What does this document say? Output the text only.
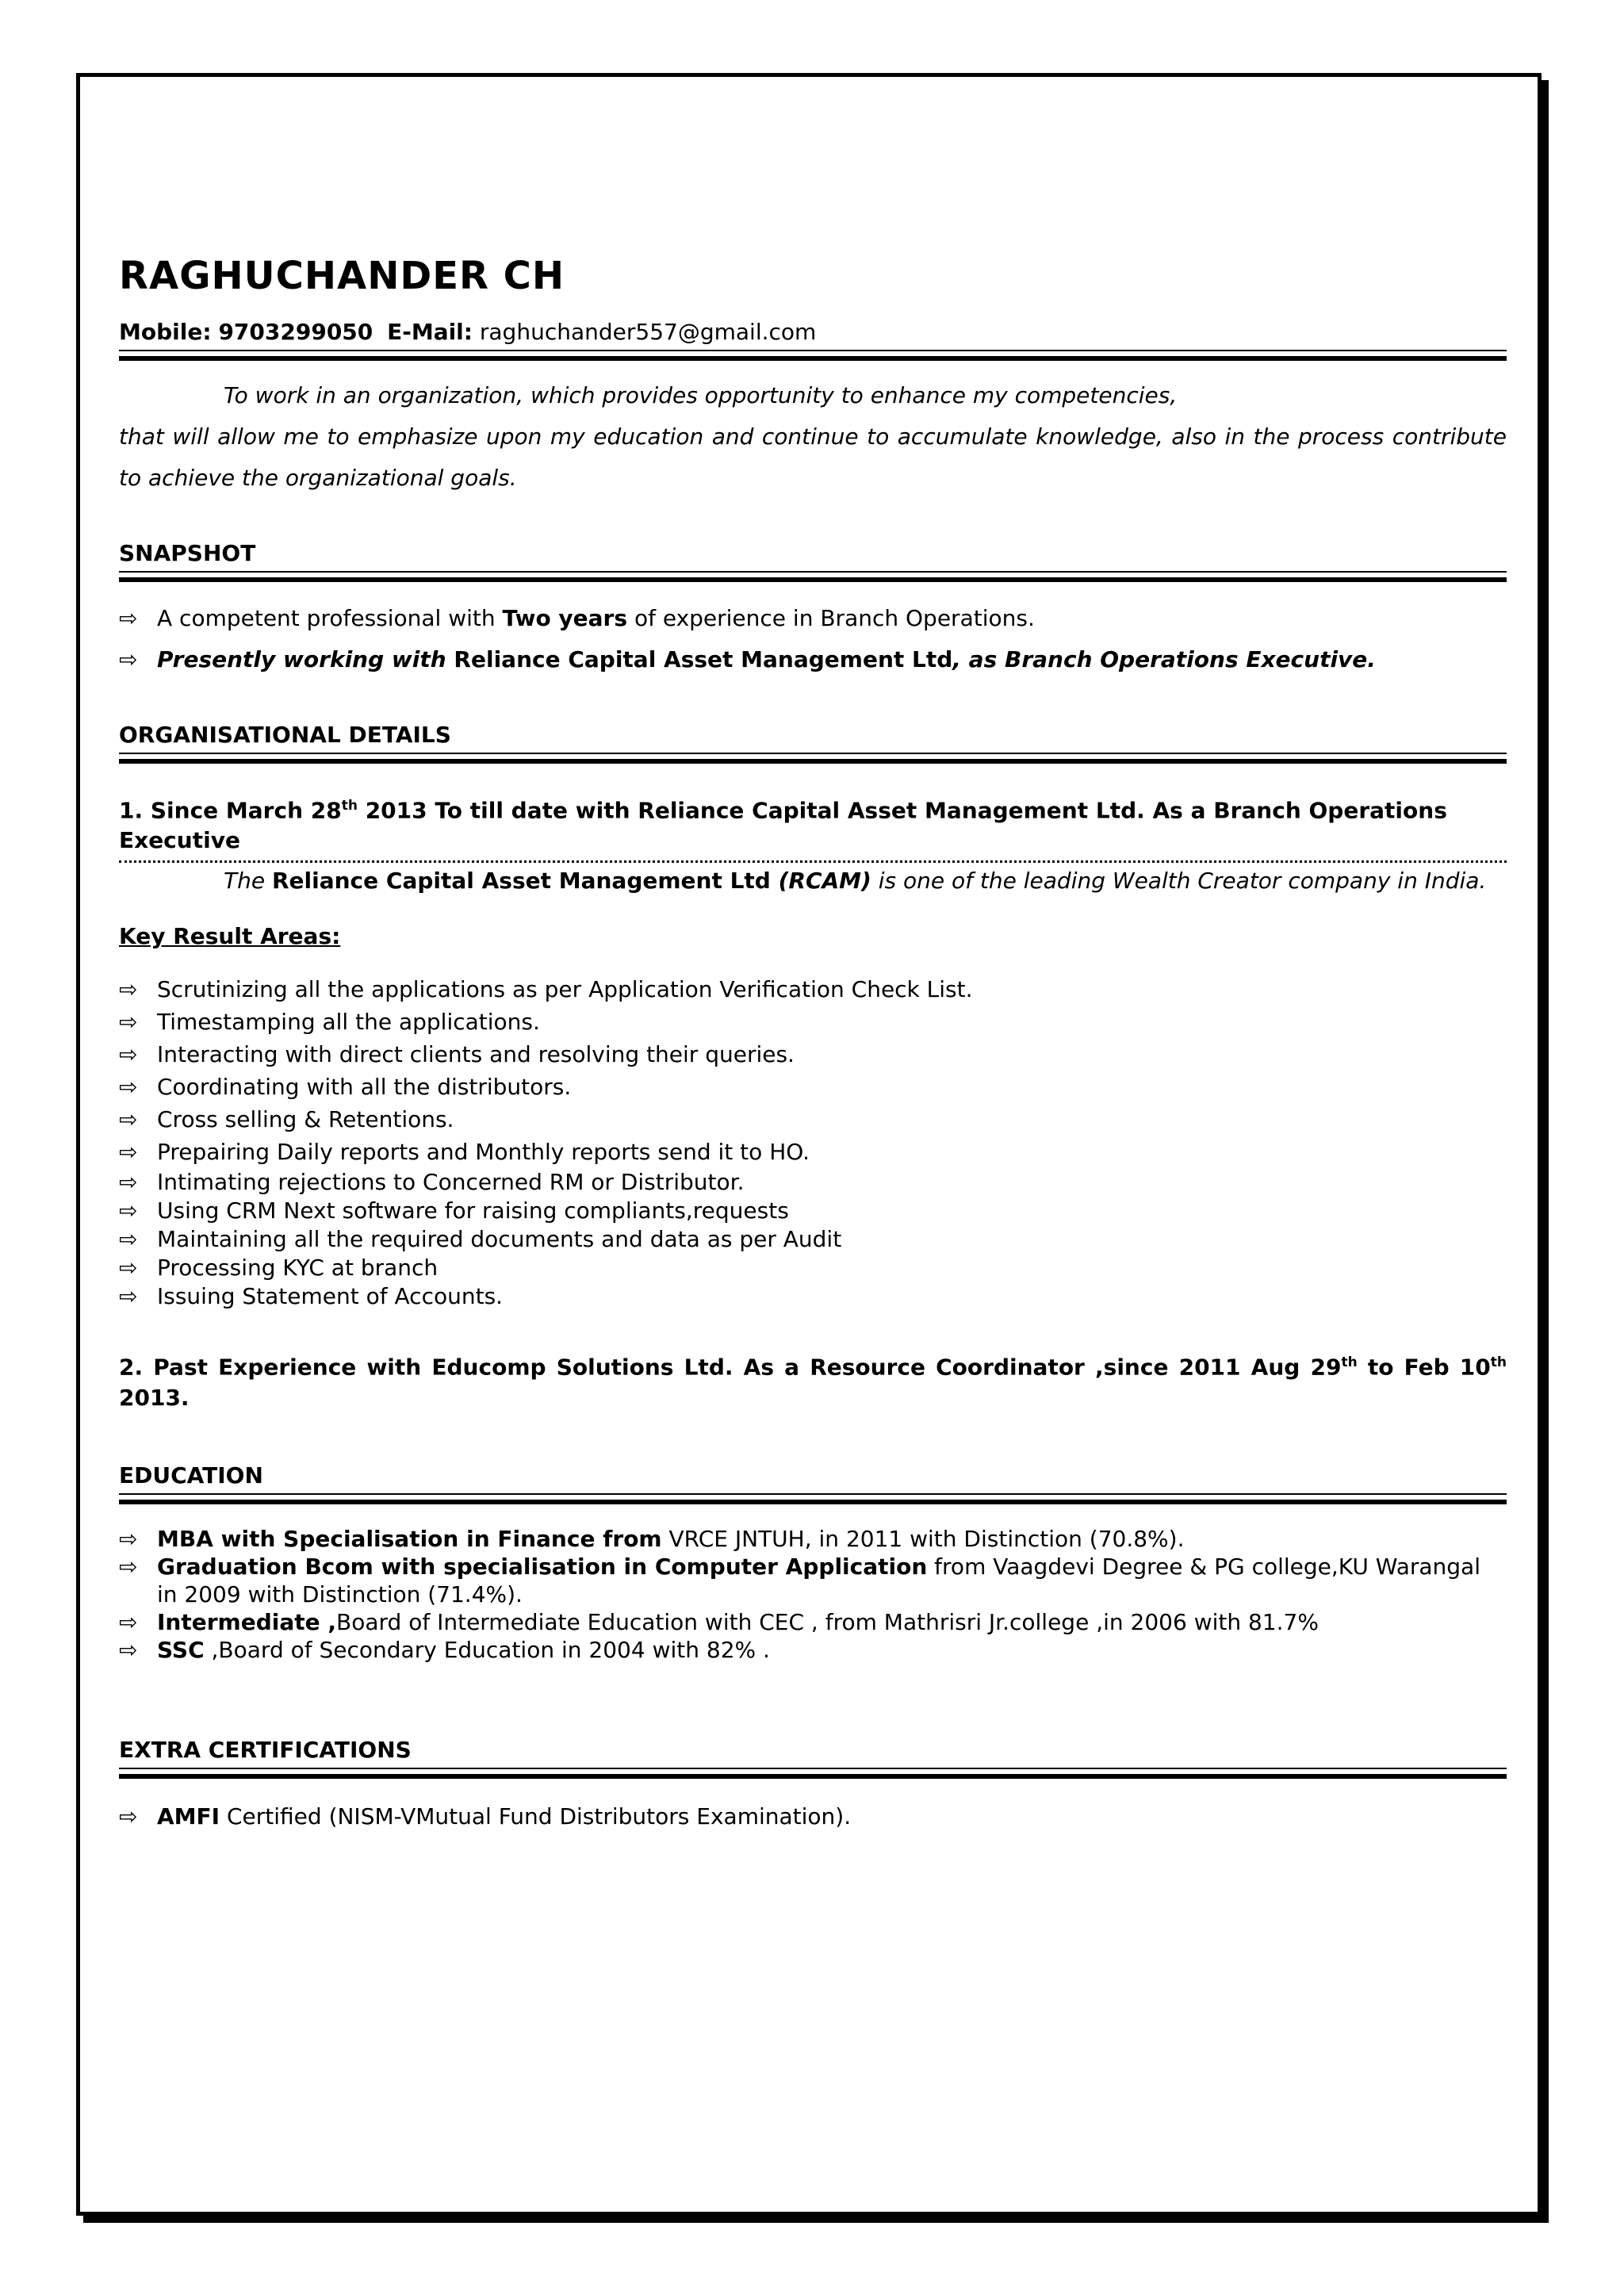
RAGHUCHANDER CH
Mobile: 9703299050 E-Mail: raghuchander557@gmail.com
To work in an organization, which provides opportunity to enhance my competencies,
that will allow me to emphasize upon my education and continue to accumulate knowledge, also in the process contribute to achieve the organizational goals.
SNAPSHOT
⇨ A competent professional with Two years of experience in Branch Operations.
⇨ Presently working with Reliance Capital Asset Management Ltd, as Branch Operations Executive.
ORGANISATIONAL DETAILS
1. Since March 28th 2013 To till date with Reliance Capital Asset Management Ltd. As a Branch Operations Executive
The Reliance Capital Asset Management Ltd (RCAM) is one of the leading Wealth Creator company in India.
Key Result Areas:
⇨ Scrutinizing all the applications as per Application Verification Check List.
⇨ Timestamping all the applications.
⇨ Interacting with direct clients and resolving their queries.
⇨ Coordinating with all the distributors.
⇨ Cross selling & Retentions.
⇨ Prepairing Daily reports and Monthly reports send it to HO.
⇨ Intimating rejections to Concerned RM or Distributor.
⇨ Using CRM Next software for raising compliants,requests
⇨ Maintaining all the required documents and data as per Audit
⇨ Processing KYC at branch
⇨ Issuing Statement of Accounts.
2. Past Experience with Educomp Solutions Ltd. As a Resource Coordinator ,since 2011 Aug 29th to Feb 10th 2013.
EDUCATION
⇨ MBA with Specialisation in Finance from VRCE JNTUH, in 2011 with Distinction (70.8%).
⇨ Graduation Bcom with specialisation in Computer Application from Vaagdevi Degree & PG college,KU Warangal in 2009 with Distinction (71.4%).
⇨ Intermediate ,Board of Intermediate Education with CEC , from Mathrisri Jr.college ,in 2006 with 81.7%
⇨ SSC ,Board of Secondary Education in 2004 with 82% .
EXTRA CERTIFICATIONS
⇨ AMFI Certified (NISM-VMutual Fund Distributors Examination).
